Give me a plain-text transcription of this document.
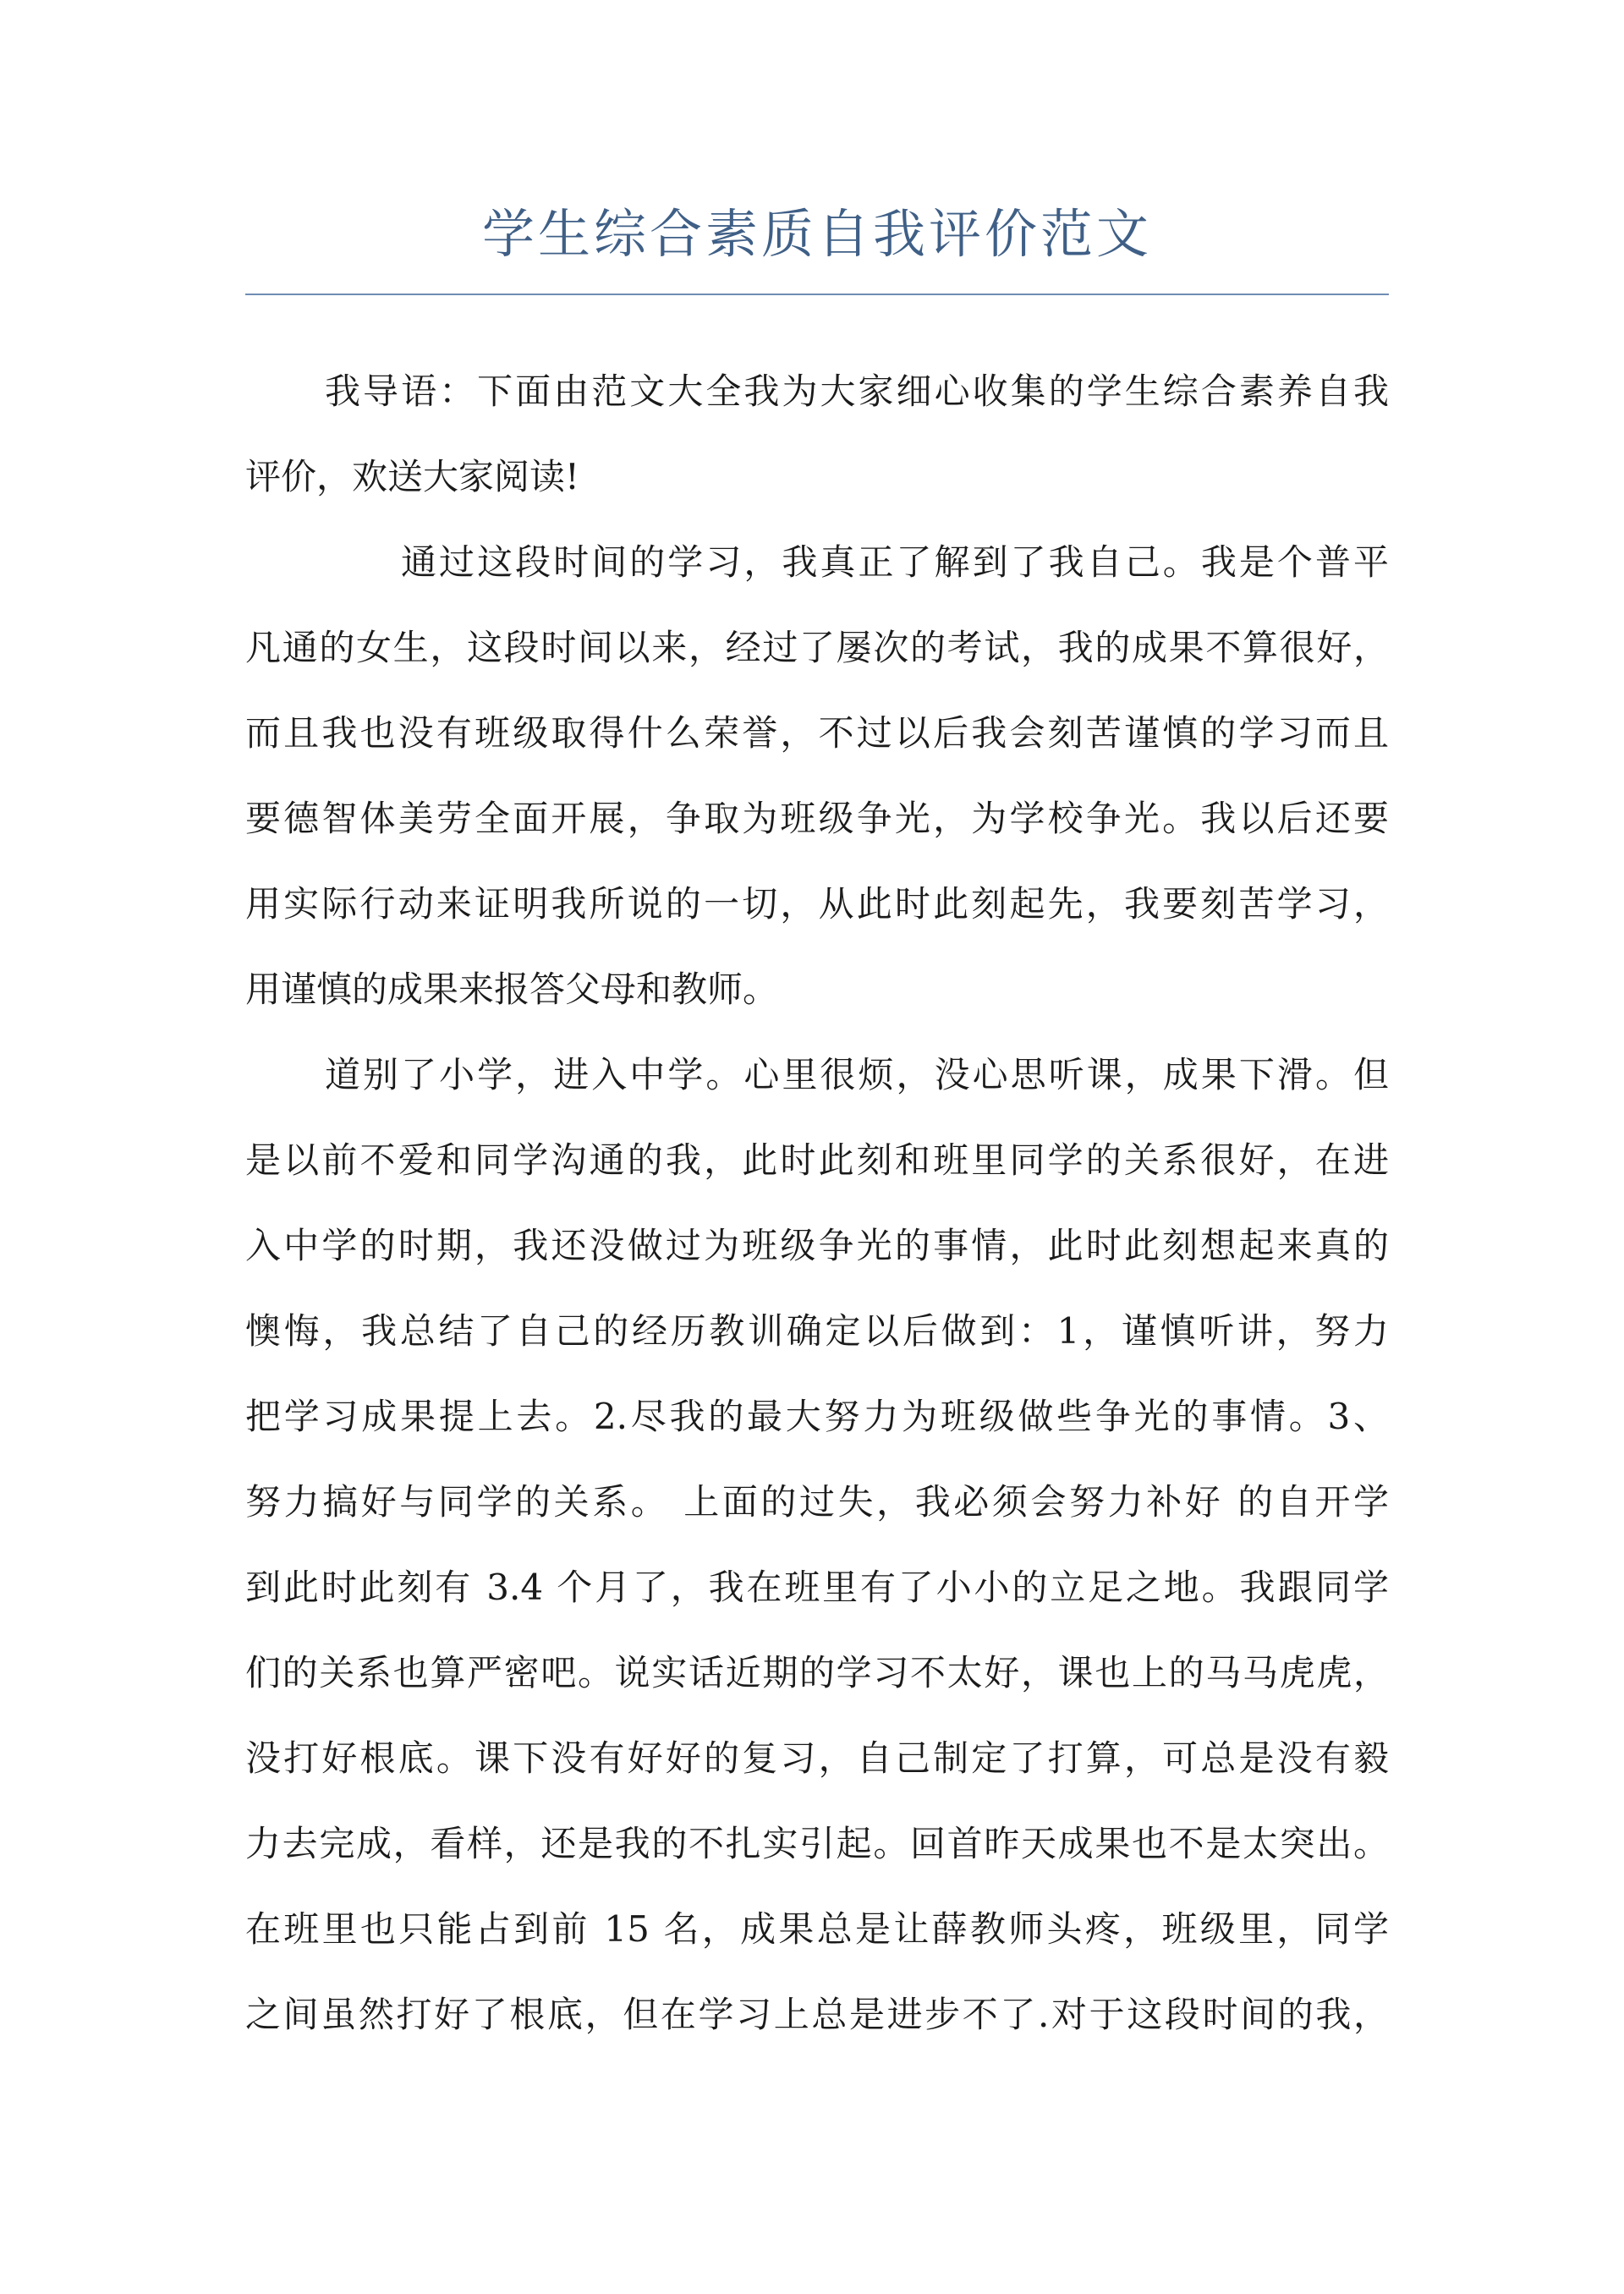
学生综合素质自我评价范文
我导语：下面由范文大全我为大家细心收集的学生综合素养自我
评价，欢送大家阅读!
通过这段时间的学习，我真正了解到了我自己。我是个普平
凡通的女生，这段时间以来，经过了屡次的考试，我的成果不算很好，
而且我也没有班级取得什么荣誉，不过以后我会刻苦谨慎的学习而且
要德智体美劳全面开展，争取为班级争光，为学校争光。我以后还要
用实际行动来证明我所说的一切，从此时此刻起先，我要刻苦学习，
用谨慎的成果来报答父母和教师。
道别了小学，进入中学。心里很烦，没心思听课，成果下滑。但
是以前不爱和同学沟通的我，此时此刻和班里同学的关系很好，在进
入中学的时期，我还没做过为班级争光的事情，此时此刻想起来真的
懊悔，我总结了自己的经历教训确定以后做到：1，谨慎听讲，努力
把学习成果提上去。2.尽我的最大努力为班级做些争光的事情。3、
努力搞好与同学的关系。 上面的过失，我必须会努力补好 的自开学
到此时此刻有 3.4 个月了，我在班里有了小小的立足之地。我跟同学
们的关系也算严密吧。说实话近期的学习不太好，课也上的马马虎虎，
没打好根底。课下没有好好的复习，自己制定了打算，可总是没有毅
力去完成，看样，还是我的不扎实引起。回首昨天成果也不是太突出。
在班里也只能占到前 15 名，成果总是让薛教师头疼，班级里，同学
之间虽然打好了根底，但在学习上总是进步不了.对于这段时间的我，
